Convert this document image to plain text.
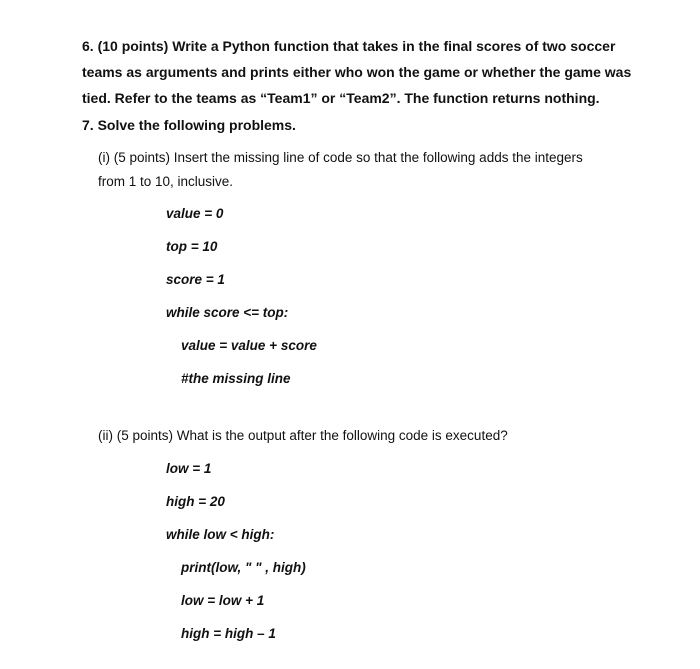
6. (10 points) Write a Python function that takes in the final scores of two soccer
teams as arguments and prints either who won the game or whether the game was
tied. Refer to the teams as “Team1” or “Team2”. The function returns nothing.
7. Solve the following problems.
(i) (5 points) Insert the missing line of code so that the following adds the integers
from 1 to 10, inclusive.
value = 0
top = 10
score = 1
while score <= top:
value = value + score
#the missing line
(ii) (5 points) What is the output after the following code is executed?
low = 1
high = 20
while low < high:
print(low, " " , high)
low = low + 1
high = high – 1
